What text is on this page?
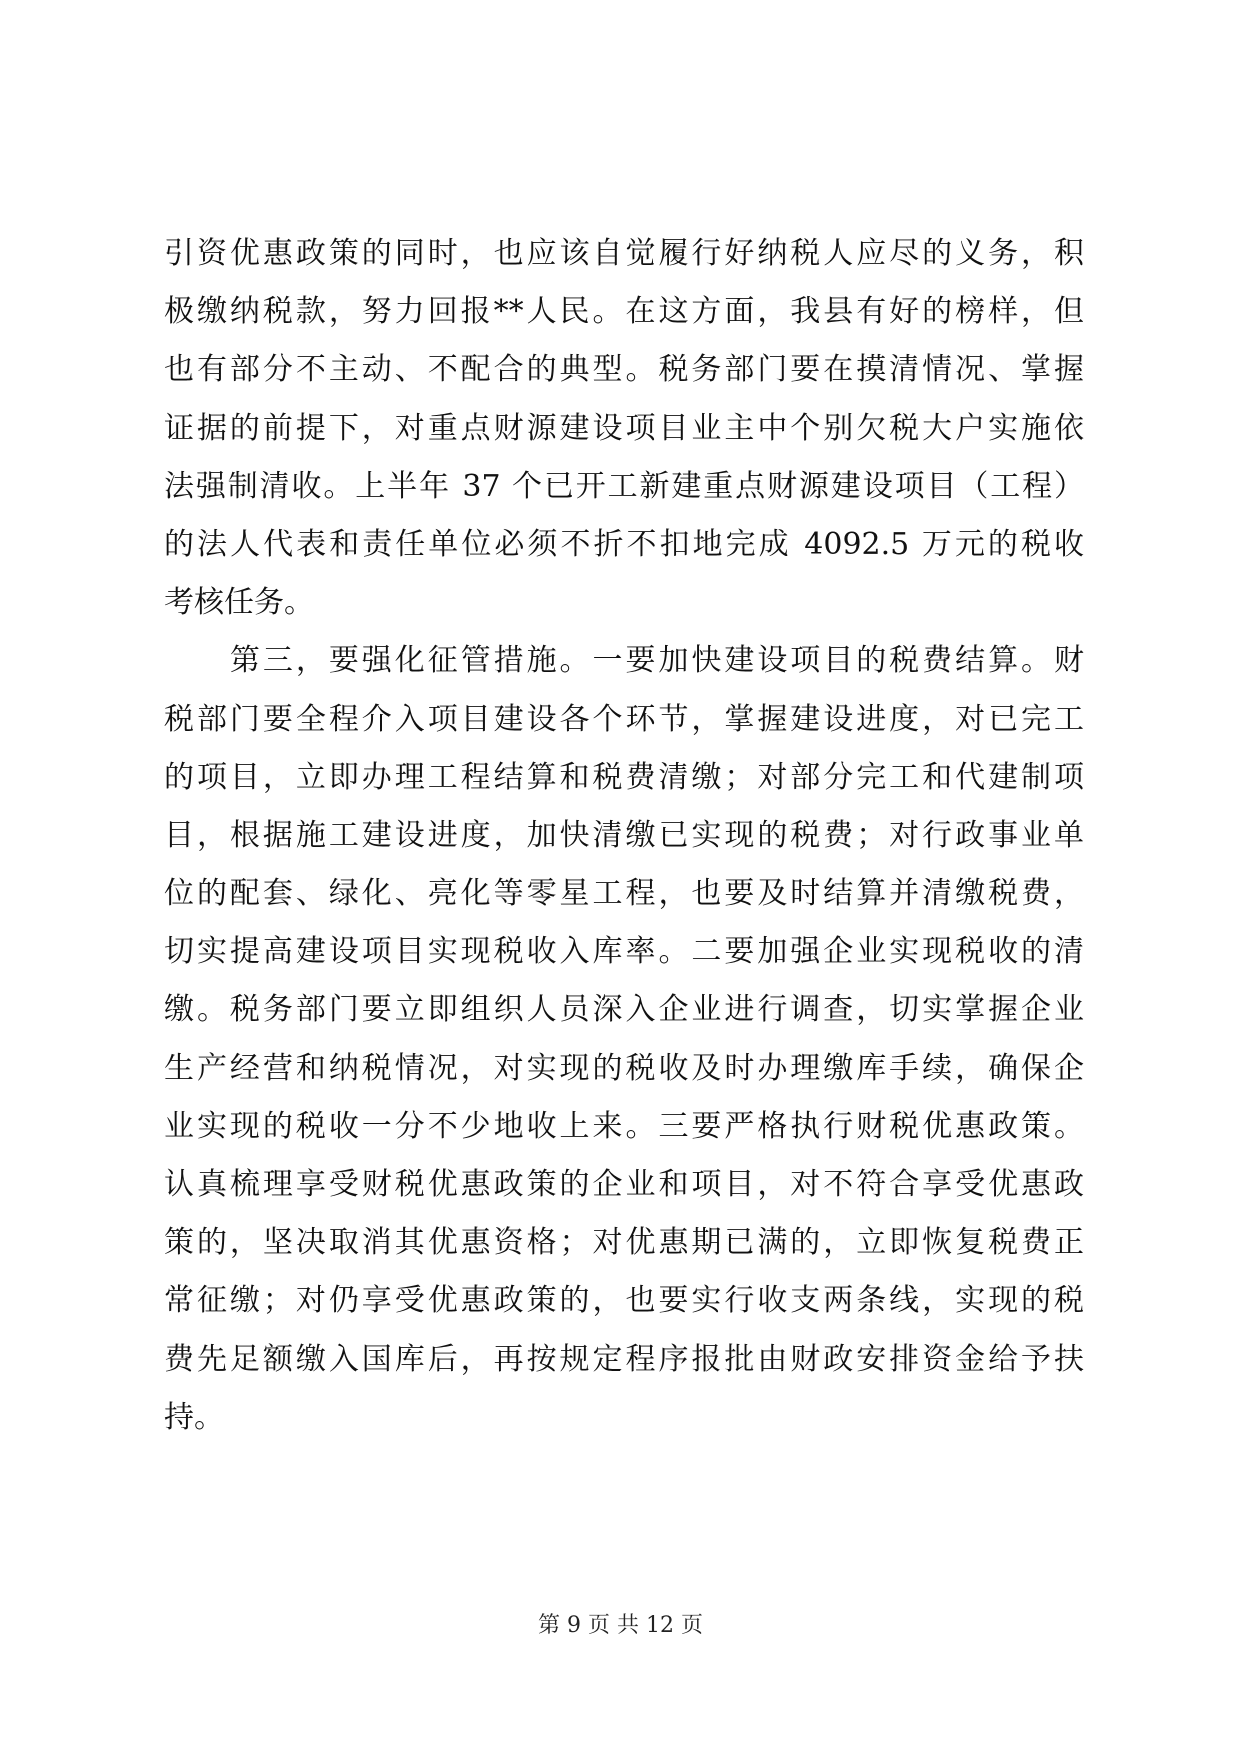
引资优惠政策的同时，也应该自觉履行好纳税人应尽的义务，积
极缴纳税款，努力回报**人民。在这方面，我县有好的榜样，但
也有部分不主动、不配合的典型。税务部门要在摸清情况、掌握
证据的前提下，对重点财源建设项目业主中个别欠税大户实施依
法强制清收。上半年 37 个已开工新建重点财源建设项目（工程）
的法人代表和责任单位必须不折不扣地完成 4092.5 万元的税收
考核任务。
　　第三，要强化征管措施。一要加快建设项目的税费结算。财
税部门要全程介入项目建设各个环节，掌握建设进度，对已完工
的项目，立即办理工程结算和税费清缴；对部分完工和代建制项
目，根据施工建设进度，加快清缴已实现的税费；对行政事业单
位的配套、绿化、亮化等零星工程，也要及时结算并清缴税费，
切实提高建设项目实现税收入库率。二要加强企业实现税收的清
缴。税务部门要立即组织人员深入企业进行调查，切实掌握企业
生产经营和纳税情况，对实现的税收及时办理缴库手续，确保企
业实现的税收一分不少地收上来。三要严格执行财税优惠政策。
认真梳理享受财税优惠政策的企业和项目，对不符合享受优惠政
策的，坚决取消其优惠资格；对优惠期已满的，立即恢复税费正
常征缴；对仍享受优惠政策的，也要实行收支两条线，实现的税
费先足额缴入国库后，再按规定程序报批由财政安排资金给予扶
持。
第 9 页 共 12 页
